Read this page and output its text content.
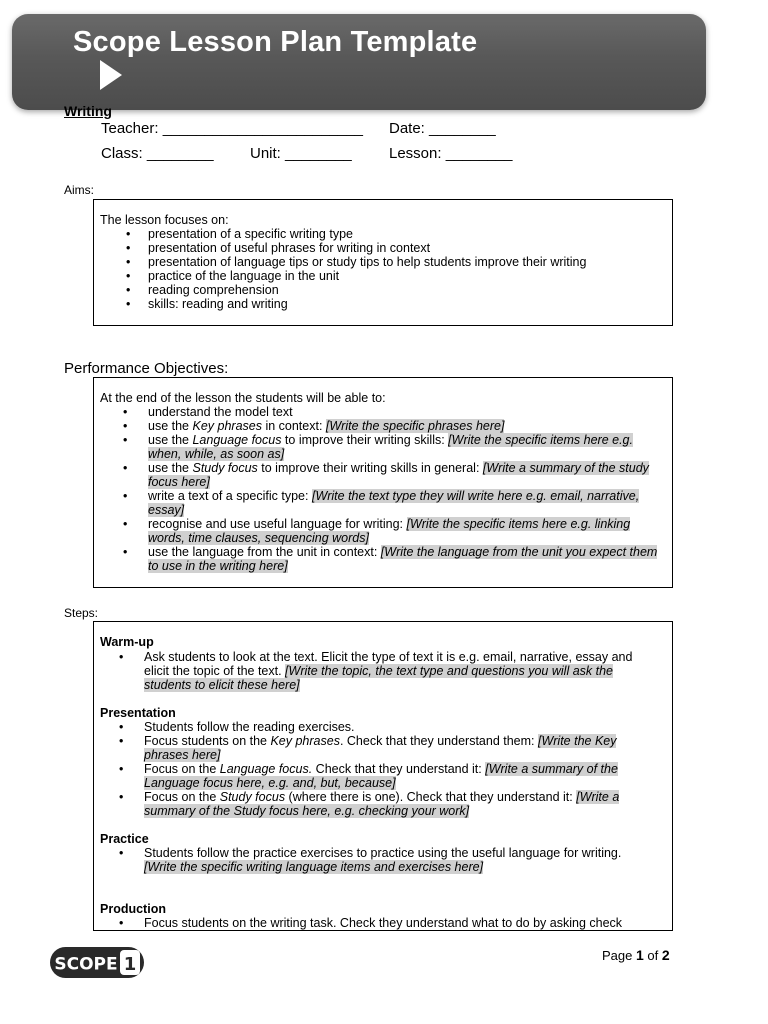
Scope Lesson Plan Template
Writing
Teacher: ________________________ Date: ________
Class: ________ Unit: ________ Lesson: ________
Aims:
The lesson focuses on:
• presentation of a specific writing type
• presentation of useful phrases for writing in context
• presentation of language tips or study tips to help students improve their writing
• practice of the language in the unit
• reading comprehension
• skills: reading and writing
Performance Objectives:
At the end of the lesson the students will be able to:
• understand the model text
• use the Key phrases in context: [Write the specific phrases here]
• use the Language focus to improve their writing skills: [Write the specific items here e.g. when, while, as soon as]
• use the Study focus to improve their writing skills in general: [Write a summary of the study focus here]
• write a text of a specific type: [Write the text type they will write here e.g. email, narrative, essay]
• recognise and use useful language for writing: [Write the specific items here e.g. linking words, time clauses, sequencing words]
• use the language from the unit in context: [Write the language from the unit you expect them to use in the writing here]
Steps:
Warm-up
• Ask students to look at the text. Elicit the type of text it is e.g. email, narrative, essay and elicit the topic of the text. [Write the topic, the text type and questions you will ask the students to elicit these here]
Presentation
• Students follow the reading exercises.
• Focus students on the Key phrases. Check that they understand them: [Write the Key phrases here]
• Focus on the Language focus. Check that they understand it: [Write a summary of the Language focus here, e.g. and, but, because]
• Focus on the Study focus (where there is one). Check that they understand it: [Write a summary of the Study focus here, e.g. checking your work]
Practice
• Students follow the practice exercises to practice using the useful language for writing. [Write the specific writing language items and exercises here]
Production
• Focus students on the writing task. Check they understand what to do by asking check
SCOPE 1	Page 1 of 2
